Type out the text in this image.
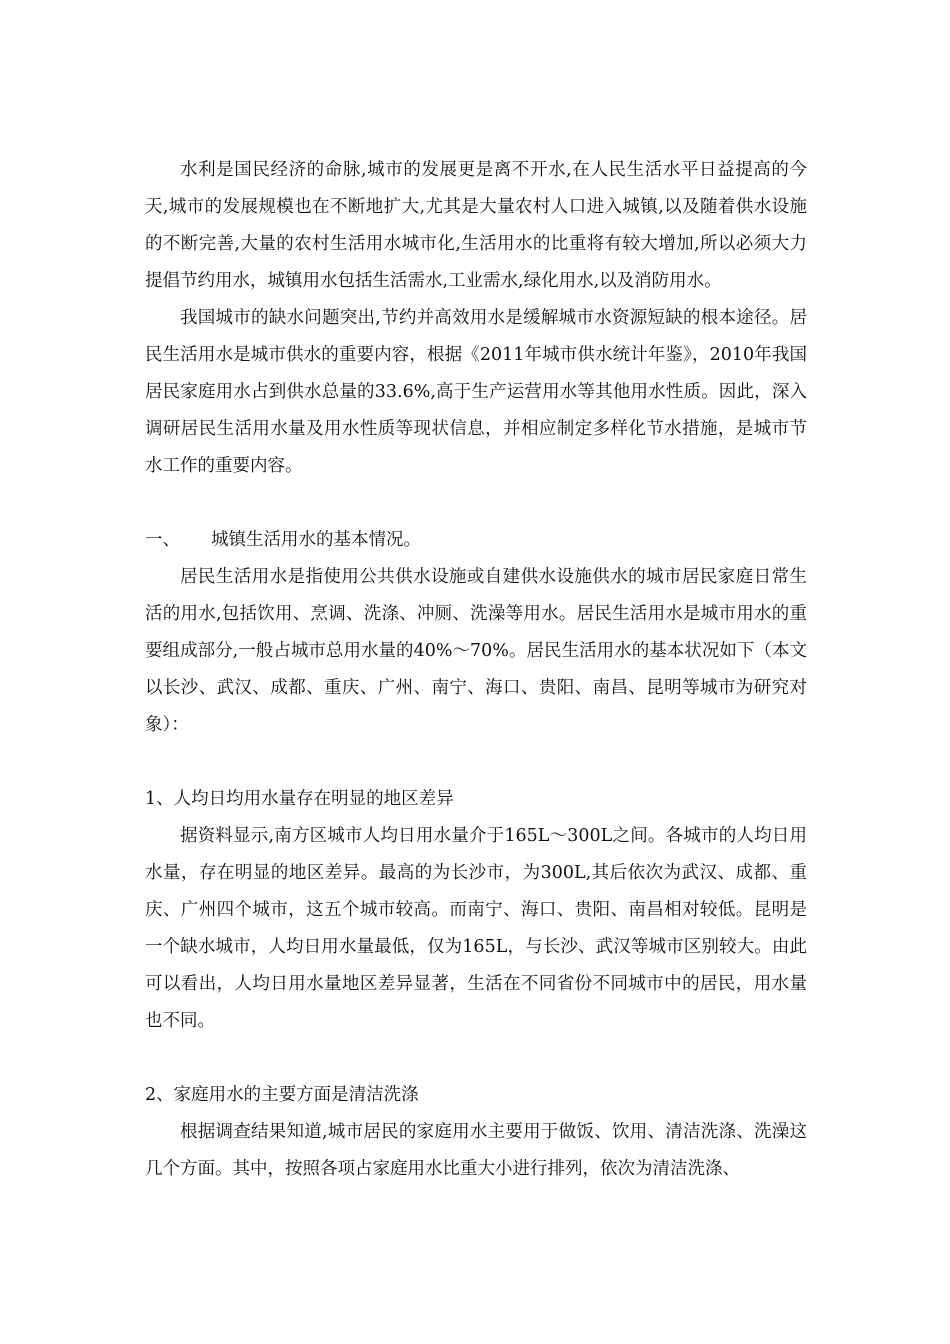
水利是国民经济的命脉,城市的发展更是离不开水,在人民生活水平日益提高的今天,城市的发展规模也在不断地扩大,尤其是大量农村人口进入城镇,以及随着供水设施的不断完善,大量的农村生活用水城市化,生活用水的比重将有较大增加,所以必须大力提倡节约用水，城镇用水包括生活需水,工业需水,绿化用水,以及消防用水。

我国城市的缺水问题突出,节约并高效用水是缓解城市水资源短缺的根本途径。居民生活用水是城市供水的重要内容，根据《2011年城市供水统计年鉴》，2010年我国居民家庭用水占到供水总量的33.6%,高于生产运营用水等其他用水性质。因此，深入调研居民生活用水量及用水性质等现状信息，并相应制定多样化节水措施，是城市节水工作的重要内容。

一、 城镇生活用水的基本情况。

居民生活用水是指使用公共供水设施或自建供水设施供水的城市居民家庭日常生活的用水,包括饮用、烹调、洗涤、冲厕、洗澡等用水。居民生活用水是城市用水的重要组成部分,一般占城市总用水量的40%～70%。居民生活用水的基本状况如下（本文以长沙、武汉、成都、重庆、广州、南宁、海口、贵阳、南昌、昆明等城市为研究对象）：

1、人均日均用水量存在明显的地区差异

据资料显示,南方区城市人均日用水量介于165L～300L之间。各城市的人均日用水量，存在明显的地区差异。最高的为长沙市，为300L,其后依次为武汉、成都、重庆、广州四个城市，这五个城市较高。而南宁、海口、贵阳、南昌相对较低。昆明是一个缺水城市，人均日用水量最低，仅为165L，与长沙、武汉等城市区别较大。由此可以看出，人均日用水量地区差异显著，生活在不同省份不同城市中的居民，用水量也不同。

2、家庭用水的主要方面是清洁洗涤

根据调查结果知道,城市居民的家庭用水主要用于做饭、饮用、清洁洗涤、洗澡这几个方面。其中，按照各项占家庭用水比重大小进行排列，依次为清洁洗涤、
